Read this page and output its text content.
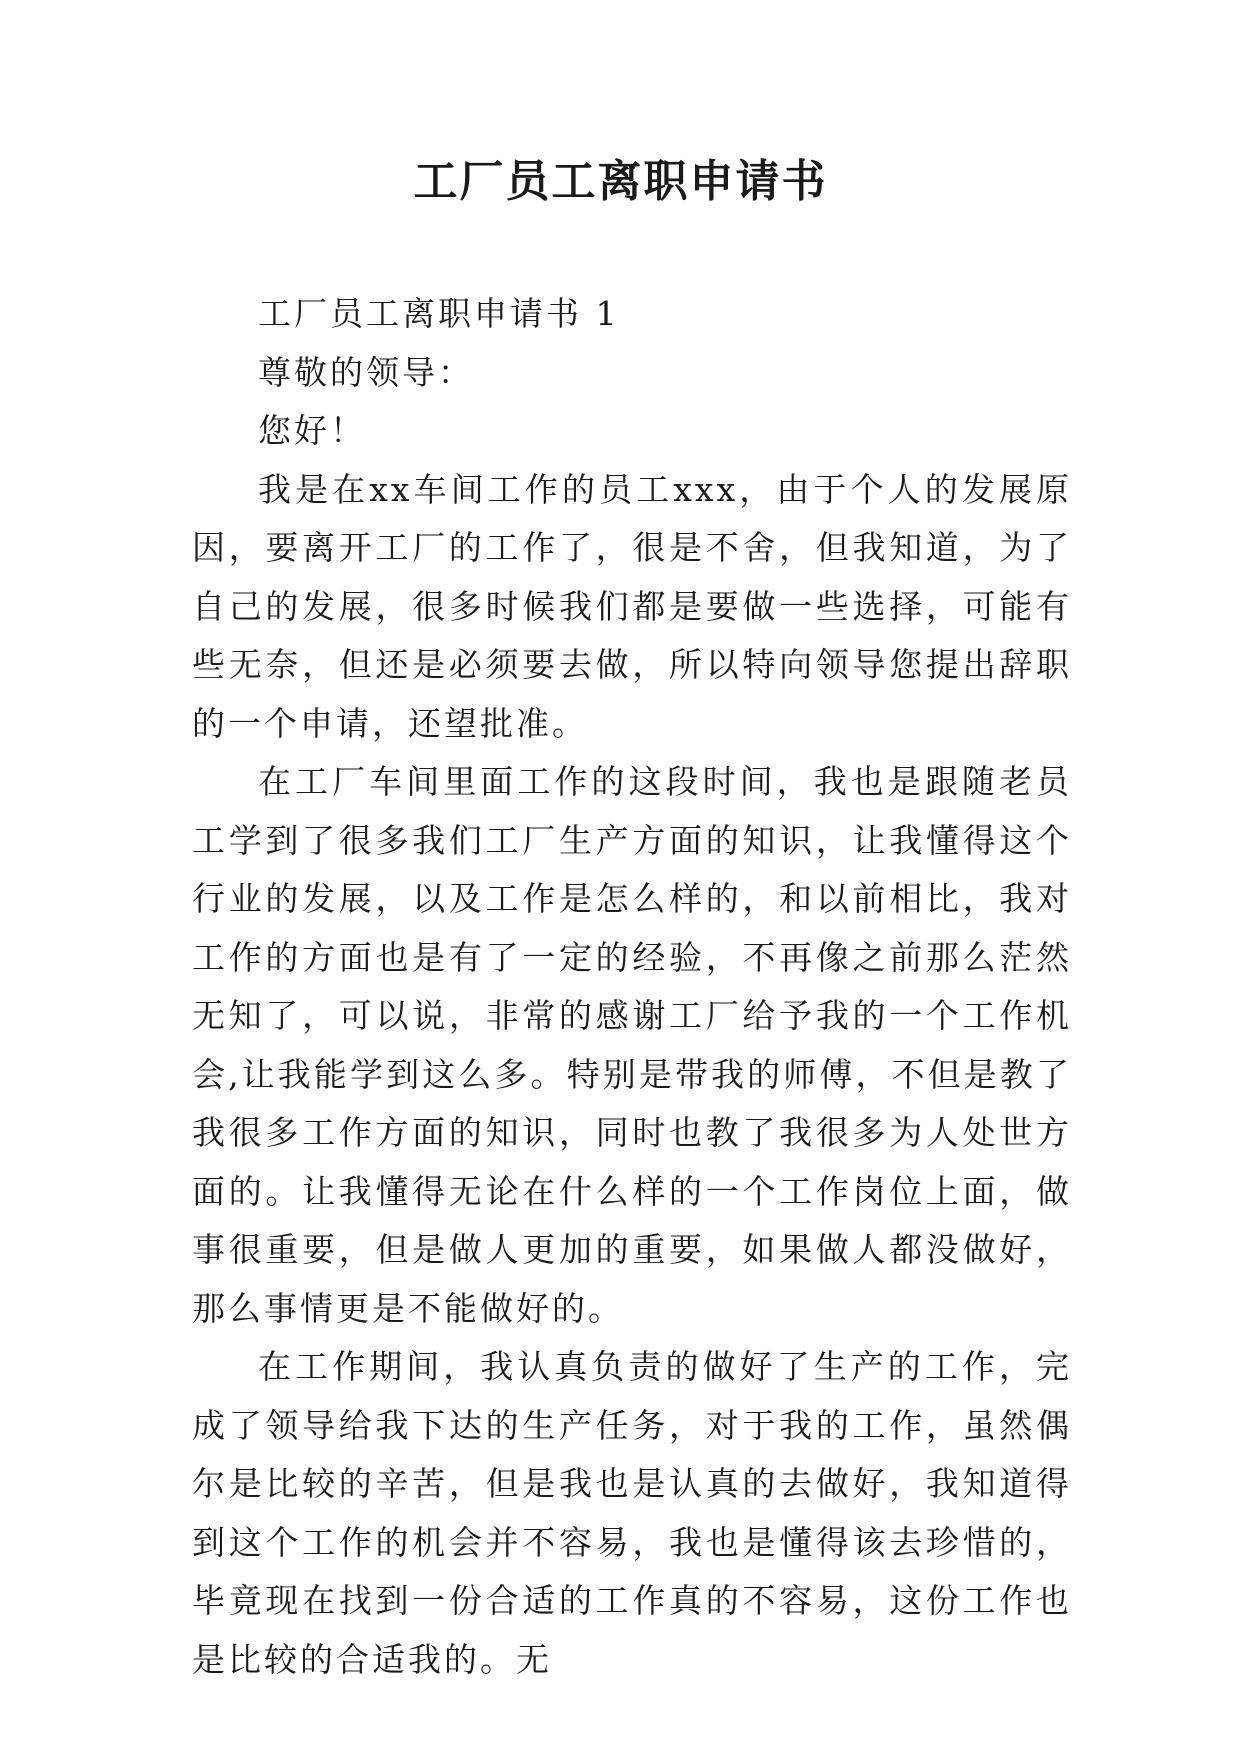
工厂员工离职申请书

工厂员工离职申请书 1

尊敬的领导：

您好！

我是在xx车间工作的员工xxx，由于个人的发展原因，要离开工厂的工作了，很是不舍，但我知道，为了自己的发展，很多时候我们都是要做一些选择，可能有些无奈，但还是必须要去做，所以特向领导您提出辞职的一个申请，还望批准。

在工厂车间里面工作的这段时间，我也是跟随老员工学到了很多我们工厂生产方面的知识，让我懂得这个行业的发展，以及工作是怎么样的，和以前相比，我对工作的方面也是有了一定的经验，不再像之前那么茫然无知了，可以说，非常的感谢工厂给予我的一个工作机会,让我能学到这么多。特别是带我的师傅，不但是教了我很多工作方面的知识，同时也教了我很多为人处世方面的。让我懂得无论在什么样的一个工作岗位上面，做事很重要，但是做人更加的重要，如果做人都没做好，那么事情更是不能做好的。

在工作期间，我认真负责的做好了生产的工作，完成了领导给我下达的生产任务，对于我的工作，虽然偶尔是比较的辛苦，但是我也是认真的去做好，我知道得到这个工作的机会并不容易，我也是懂得该去珍惜的，毕竟现在找到一份合适的工作真的不容易，这份工作也是比较的合适我的。无
